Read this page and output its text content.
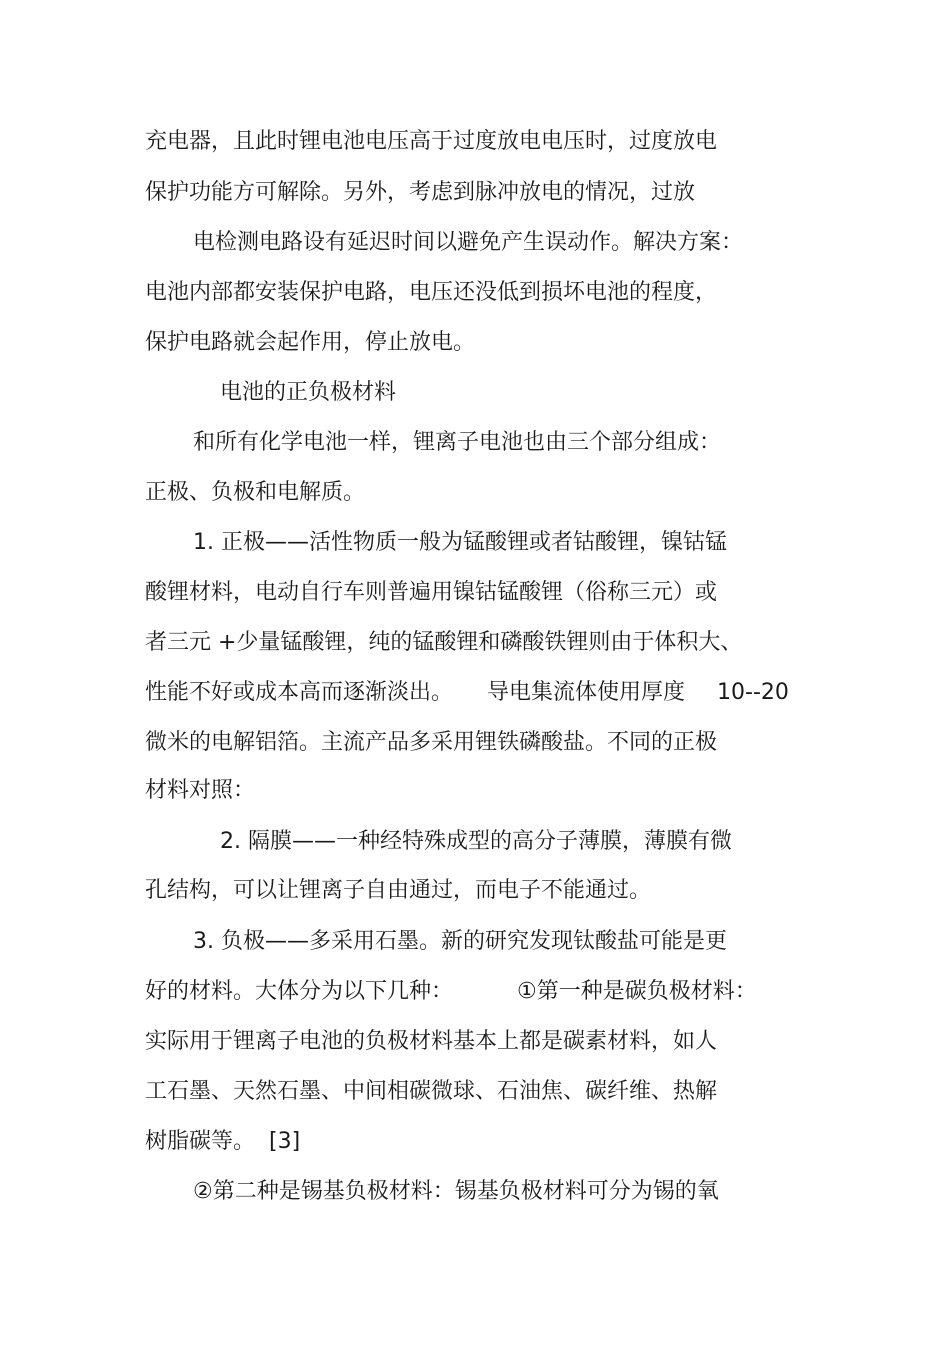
充电器，且此时锂电池电压高于过度放电电压时，过度放电

保护功能方可解除。另外，考虑到脉冲放电的情况，过放

电检测电路设有延迟时间以避免产生误动作。解决方案：

电池内部都安装保护电路，电压还没低到损坏电池的程度，

保护电路就会起作用，停止放电。

电池的正负极材料

和所有化学电池一样，锂离子电池也由三个部分组成：

正极、负极和电解质。

1. 正极——活性物质一般为锰酸锂或者钴酸锂，镍钴锰

酸锂材料，电动自行车则普遍用镍钴锰酸锂（俗称三元）或

者三元 +少量锰酸锂，纯的锰酸锂和磷酸铁锂则由于体积大、

性能不好或成本高而逐渐淡出。 导电集流体使用厚度 10--20

微米的电解铝箔。主流产品多采用锂铁磷酸盐。不同的正极

材料对照：

2. 隔膜——一种经特殊成型的高分子薄膜，薄膜有微

孔结构，可以让锂离子自由通过，而电子不能通过。

3. 负极——多采用石墨。新的研究发现钛酸盐可能是更

好的材料。大体分为以下几种：	①第一种是碳负极材料：

实际用于锂离子电池的负极材料基本上都是碳素材料，如人

工石墨、天然石墨、中间相碳微球、石油焦、碳纤维、热解

树脂碳等。 [3]

②第二种是锡基负极材料：锡基负极材料可分为锡的氧
